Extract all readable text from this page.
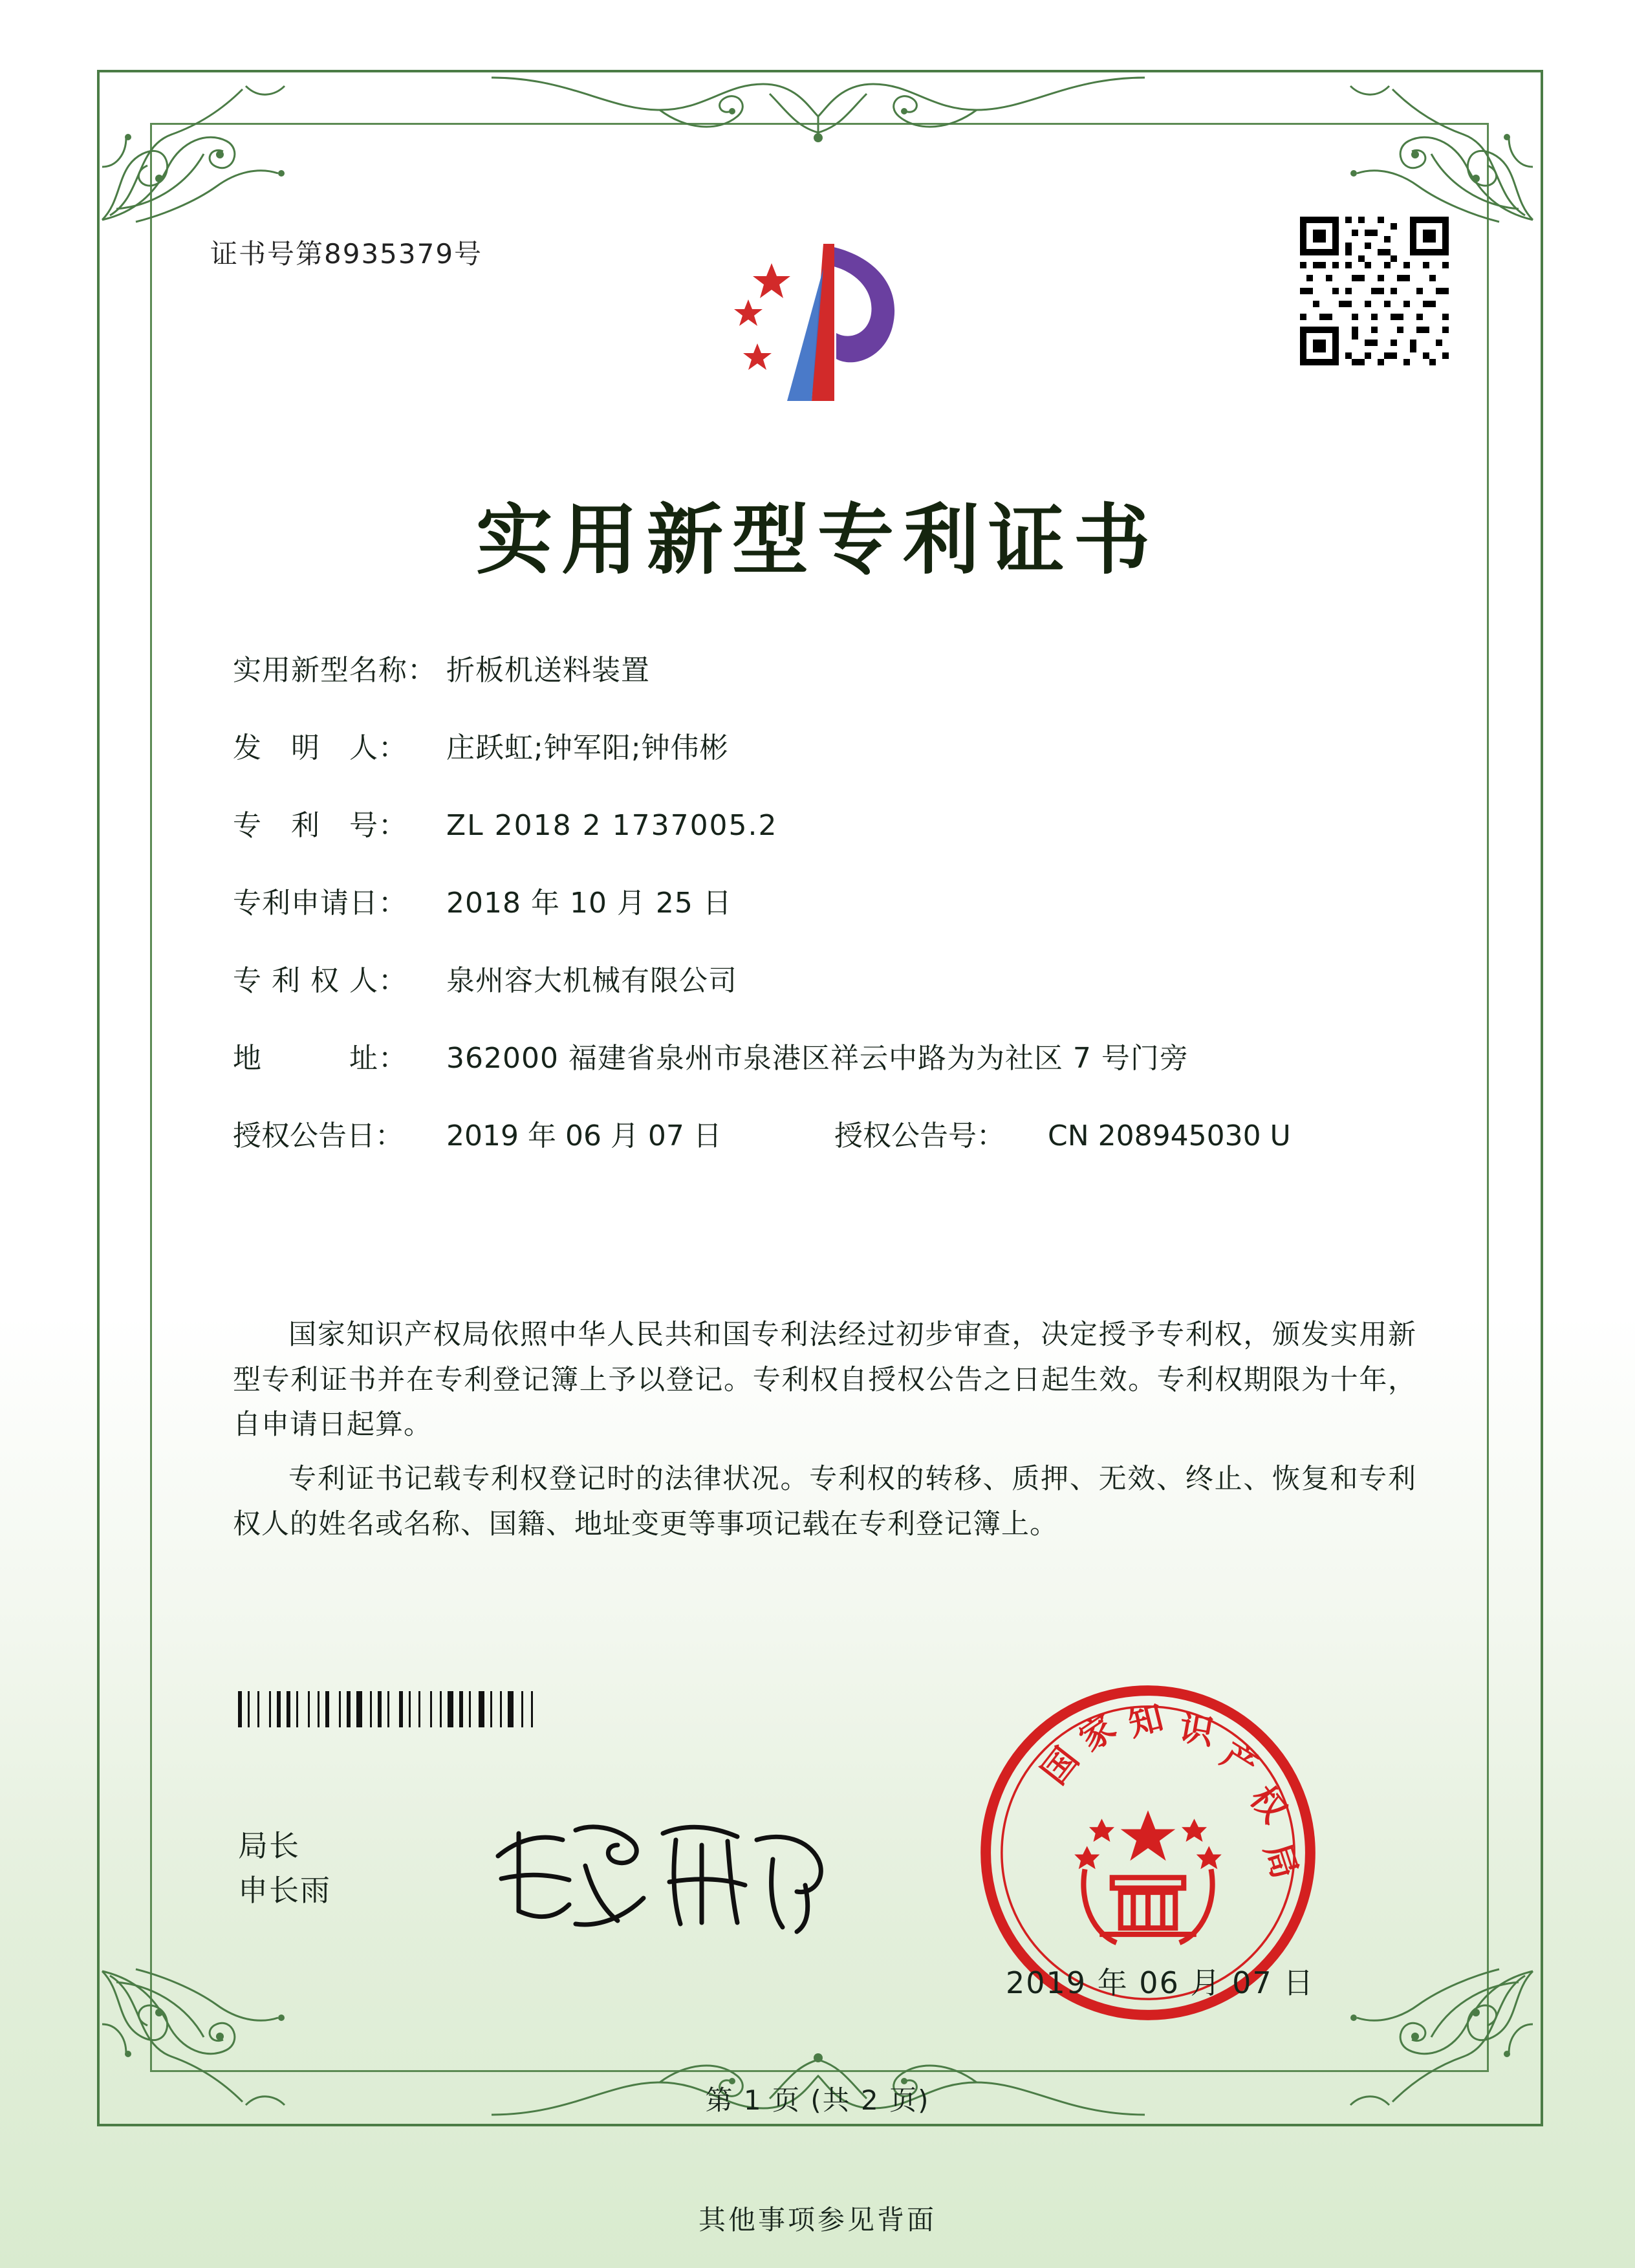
证书号第8935379号
实用新型专利证书
实用新型名称： 折板机送料装置
发　明　人：	庄跃虹;钟军阳;钟伟彬
专　利　号：	ZL 2018 2 1737005.2
专利申请日：	2018 年 10 月 25 日
专 利 权 人：	泉州容大机械有限公司
地　　　址：	362000 福建省泉州市泉港区祥云中路为为社区 7 号门旁
授权公告日：	2019 年 06 月 07 日	授权公告号：	CN 208945030 U

国家知识产权局依照中华人民共和国专利法经过初步审查，决定授予专利权，颁发实用新型专利证书并在专利登记簿上予以登记。专利权自授权公告之日起生效。专利权期限为十年，自申请日起算。

专利证书记载专利权登记时的法律状况。专利权的转移、质押、无效、终止、恢复和专利权人的姓名或名称、国籍、地址变更等事项记载在专利登记簿上。

局长
申长雨
国
家 知 识
产
权
局
2019 年 06 月 07 日
第 1 页 (共 2 页)
其他事项参见背面
